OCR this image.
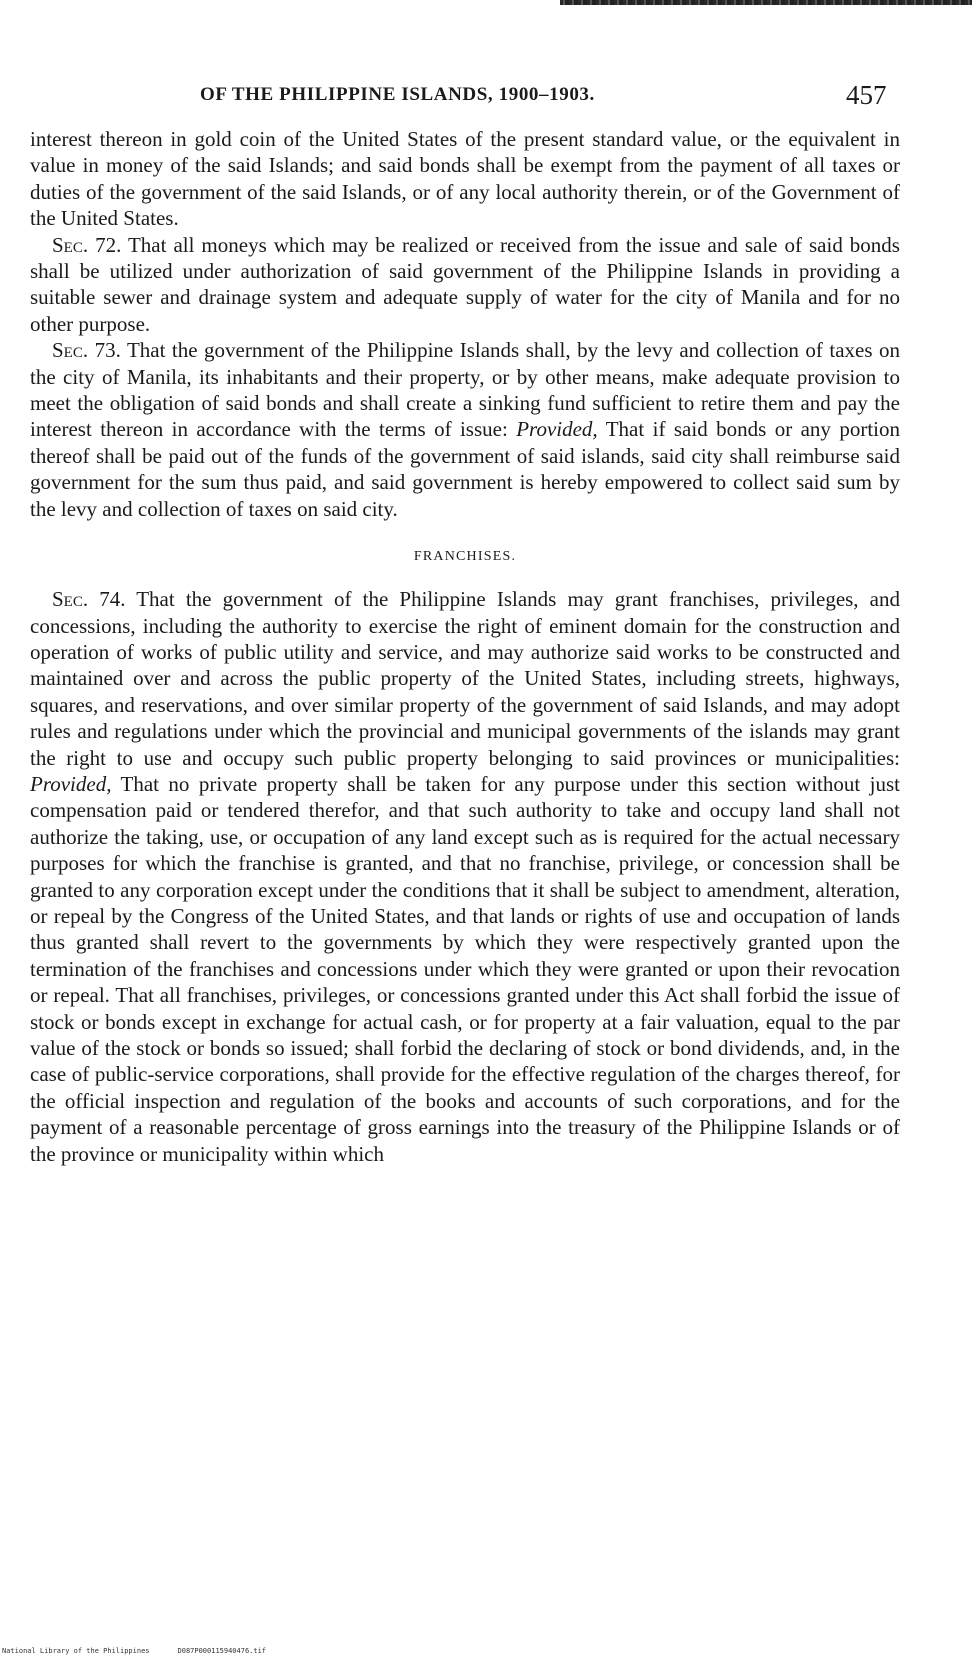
OF THE PHILIPPINE ISLANDS, 1900–1903.	457

interest thereon in gold coin of the United States of the present standard value, or the equivalent in value in money of the said Islands; and said bonds shall be exempt from the payment of all taxes or duties of the government of the said Islands, or of any local authority therein, or of the Government of the United States.

Sec. 72. That all moneys which may be realized or received from the issue and sale of said bonds shall be utilized under authorization of said government of the Philippine Islands in providing a suitable sewer and drainage system and adequate supply of water for the city of Manila and for no other purpose.

Sec. 73. That the government of the Philippine Islands shall, by the levy and collection of taxes on the city of Manila, its inhabitants and their property, or by other means, make adequate provision to meet the obligation of said bonds and shall create a sinking fund sufficient to retire them and pay the interest thereon in accordance with the terms of issue: Provided, That if said bonds or any portion thereof shall be paid out of the funds of the government of said islands, said city shall reimburse said government for the sum thus paid, and said government is hereby empowered to collect said sum by the levy and collection of taxes on said city.

FRANCHISES.

Sec. 74. That the government of the Philippine Islands may grant franchises, privileges, and concessions, including the authority to exercise the right of eminent domain for the construction and operation of works of public utility and service, and may authorize said works to be constructed and maintained over and across the public property of the United States, including streets, highways, squares, and reservations, and over similar property of the government of said Islands, and may adopt rules and regulations under which the provincial and municipal governments of the islands may grant the right to use and occupy such public property belonging to said provinces or municipalities: Provided, That no private property shall be taken for any purpose under this section without just compensation paid or tendered therefor, and that such authority to take and occupy land shall not authorize the taking, use, or occupation of any land except such as is required for the actual necessary purposes for which the franchise is granted, and that no franchise, privilege, or concession shall be granted to any corporation except under the conditions that it shall be subject to amendment, alteration, or repeal by the Congress of the United States, and that lands or rights of use and occupation of lands thus granted shall revert to the governments by which they were respectively granted upon the termination of the franchises and concessions under which they were granted or upon their revocation or repeal. That all franchises, privileges, or concessions granted under this Act shall forbid the issue of stock or bonds except in exchange for actual cash, or for property at a fair valuation, equal to the par value of the stock or bonds so issued; shall forbid the declaring of stock or bond dividends, and, in the case of public-service corporations, shall provide for the effective regulation of the charges thereof, for the official inspection and regulation of the books and accounts of such corporations, and for the payment of a reasonable percentage of gross earnings into the treasury of the Philippine Islands or of the province or municipality within which

National Library of the Philippines	D087P000115940476.tif
